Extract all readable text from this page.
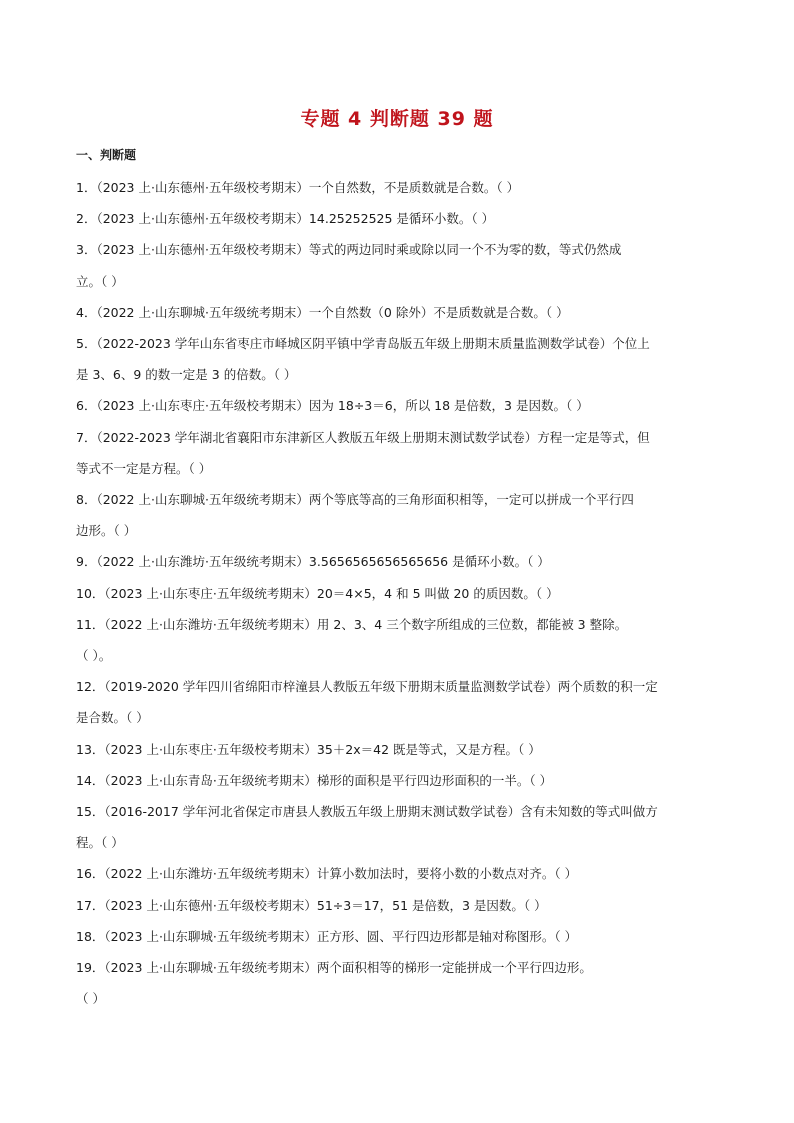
专题 4 判断题 39 题
一、判断题
1．（2023 上·山东德州·五年级校考期末）一个自然数，不是质数就是合数。（ ）
2．（2023 上·山东德州·五年级校考期末）14.25252525 是循环小数。（ ）
3．（2023 上·山东德州·五年级校考期末）等式的两边同时乘或除以同一个不为零的数，等式仍然成
立。（ ）
4．（2022 上·山东聊城·五年级统考期末）一个自然数（0 除外）不是质数就是合数。（ ）
5．（2022-2023 学年山东省枣庄市峄城区阴平镇中学青岛版五年级上册期末质量监测数学试卷）个位上
是 3、6、9 的数一定是 3 的倍数。（ ）
6．（2023 上·山东枣庄·五年级校考期末）因为 18÷3＝6，所以 18 是倍数，3 是因数。（ ）
7．（2022-2023 学年湖北省襄阳市东津新区人教版五年级上册期末测试数学试卷）方程一定是等式，但
等式不一定是方程。（ ）
8．（2022 上·山东聊城·五年级统考期末）两个等底等高的三角形面积相等，一定可以拼成一个平行四
边形。（ ）
9．（2022 上·山东潍坊·五年级统考期末）3.5656565656565656 是循环小数。（ ）
10．（2023 上·山东枣庄·五年级统考期末）20＝4×5，4 和 5 叫做 20 的质因数。（ ）
11．（2022 上·山东潍坊·五年级统考期末）用 2、3、4 三个数字所组成的三位数，都能被 3 整除。
（ ）。
12．（2019-2020 学年四川省绵阳市梓潼县人教版五年级下册期末质量监测数学试卷）两个质数的积一定
是合数。（ ）
13．（2023 上·山东枣庄·五年级校考期末）35＋2x＝42 既是等式，又是方程。（ ）
14．（2023 上·山东青岛·五年级统考期末）梯形的面积是平行四边形面积的一半。（ ）
15．（2016-2017 学年河北省保定市唐县人教版五年级上册期末测试数学试卷）含有未知数的等式叫做方
程。（ ）
16．（2022 上·山东潍坊·五年级统考期末）计算小数加法时，要将小数的小数点对齐。（ ）
17．（2023 上·山东德州·五年级校考期末）51÷3＝17，51 是倍数，3 是因数。（ ）
18．（2023 上·山东聊城·五年级统考期末）正方形、圆、平行四边形都是轴对称图形。（ ）
19．（2023 上·山东聊城·五年级统考期末）两个面积相等的梯形一定能拼成一个平行四边形。
（ ）
